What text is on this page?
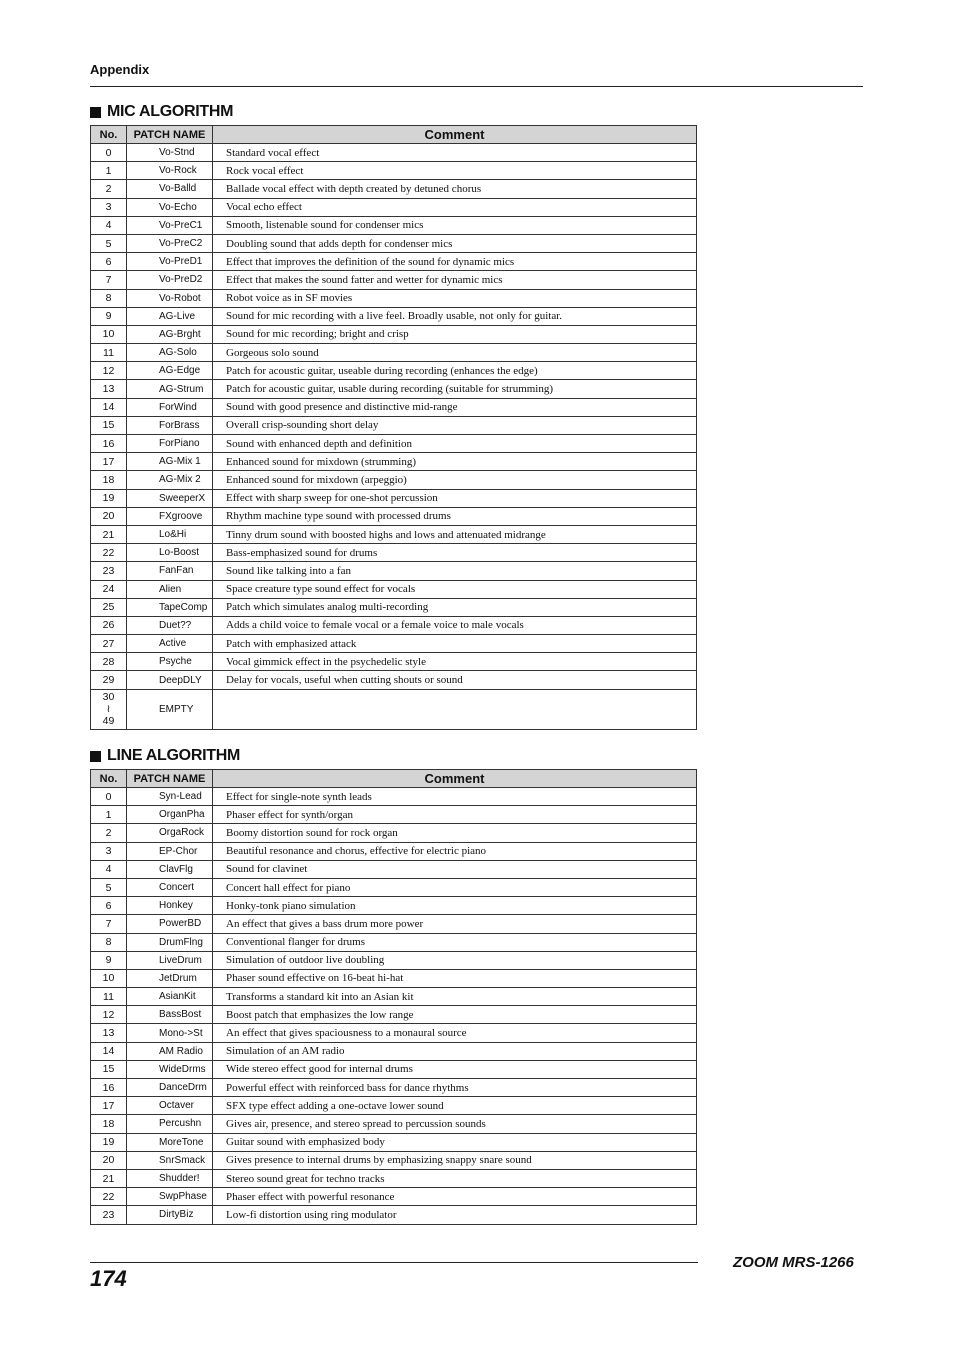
Appendix
MIC ALGORITHM
No.	PATCH NAME	Comment
0	Vo-Stnd	Standard vocal effect
1	Vo-Rock	Rock vocal effect
2	Vo-Balld	Ballade vocal effect with depth created by detuned chorus
3	Vo-Echo	Vocal echo effect
4	Vo-PreC1	Smooth, listenable sound for condenser mics
5	Vo-PreC2	Doubling sound that adds depth for condenser mics
6	Vo-PreD1	Effect that improves the definition of the sound for dynamic mics
7	Vo-PreD2	Effect that makes the sound fatter and wetter for dynamic mics
8	Vo-Robot	Robot voice as in SF movies
9	AG-Live	Sound for mic recording with a live feel. Broadly usable, not only for guitar.
10	AG-Brght	Sound for mic recording; bright and crisp
11	AG-Solo	Gorgeous solo sound
12	AG-Edge	Patch for acoustic guitar, useable during recording (enhances the edge)
13	AG-Strum	Patch for acoustic guitar, usable during recording (suitable for strumming)
14	ForWind	Sound with good presence and distinctive mid-range
15	ForBrass	Overall crisp-sounding short delay
16	ForPiano	Sound with enhanced depth and definition
17	AG-Mix 1	Enhanced sound for mixdown (strumming)
18	AG-Mix 2	Enhanced sound for mixdown (arpeggio)
19	SweeperX	Effect with sharp sweep for one-shot percussion
20	FXgroove	Rhythm machine type sound with processed drums
21	Lo&Hi	Tinny drum sound with boosted highs and lows and attenuated midrange
22	Lo-Boost	Bass-emphasized sound for drums
23	FanFan	Sound like talking into a fan
24	Alien	Space creature type sound effect for vocals
25	TapeComp	Patch which simulates analog multi-recording
26	Duet??	Adds a child voice to female vocal or a female voice to male vocals
27	Active	Patch with emphasized attack
28	Psyche	Vocal gimmick effect in the psychedelic style
29	DeepDLY	Delay for vocals, useful when cutting shouts or sound

30
≀
49	EMPTY	
LINE ALGORITHM
No.	PATCH NAME	Comment
0	Syn-Lead	Effect for single-note synth leads
1	OrganPha	Phaser effect for synth/organ
2	OrgaRock	Boomy distortion sound for rock organ
3	EP-Chor	Beautiful resonance and chorus, effective for electric piano
4	ClavFlg	Sound for clavinet
5	Concert	Concert hall effect for piano
6	Honkey	Honky-tonk piano simulation
7	PowerBD	An effect that gives a bass drum more power
8	DrumFlng	Conventional flanger for drums
9	LiveDrum	Simulation of outdoor live doubling
10	JetDrum	Phaser sound effective on 16-beat hi-hat
11	AsianKit	Transforms a standard kit into an Asian kit
12	BassBost	Boost patch that emphasizes the low range
13	Mono->St	An effect that gives spaciousness to a monaural source
14	AM Radio	Simulation of an AM radio
15	WideDrms	Wide stereo effect good for internal drums
16	DanceDrm	Powerful effect with reinforced bass for dance rhythms
17	Octaver	SFX type effect adding a one-octave lower sound
18	Percushn	Gives air, presence, and stereo spread to percussion sounds
19	MoreTone	Guitar sound with emphasized body
20	SnrSmack	Gives presence to internal drums by emphasizing snappy snare sound
21	Shudder!	Stereo sound great for techno tracks
22	SwpPhase	Phaser effect with powerful resonance
23	DirtyBiz	Low-fi distortion using ring modulator
ZOOM MRS-1266
174
